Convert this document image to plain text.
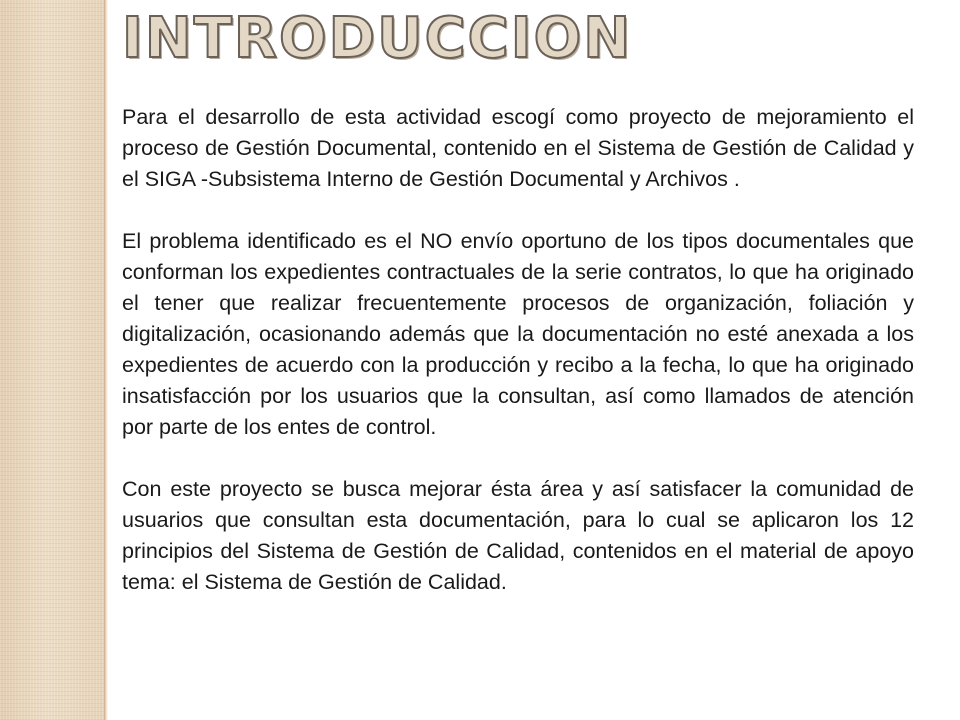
INTRODUCCION

Para el desarrollo de esta actividad escogí como proyecto de mejoramiento el proceso de Gestión Documental, contenido en el Sistema de Gestión de Calidad y el SIGA -Subsistema Interno de Gestión Documental y Archivos .

El problema identificado es el NO envío oportuno de los tipos documentales que conforman los expedientes contractuales de la serie contratos, lo que ha originado el tener que realizar frecuentemente procesos de organización, foliación y digitalización, ocasionando además que la documentación no esté anexada a los expedientes de acuerdo con la producción y recibo a la fecha, lo que ha originado insatisfacción por los usuarios que la consultan, así como llamados de atención por parte de los entes de control.

Con este proyecto se busca mejorar ésta área y así satisfacer la comunidad de usuarios que consultan esta documentación, para lo cual se aplicaron los 12 principios del Sistema de Gestión de Calidad, contenidos en el material de apoyo tema: el Sistema de Gestión de Calidad.
